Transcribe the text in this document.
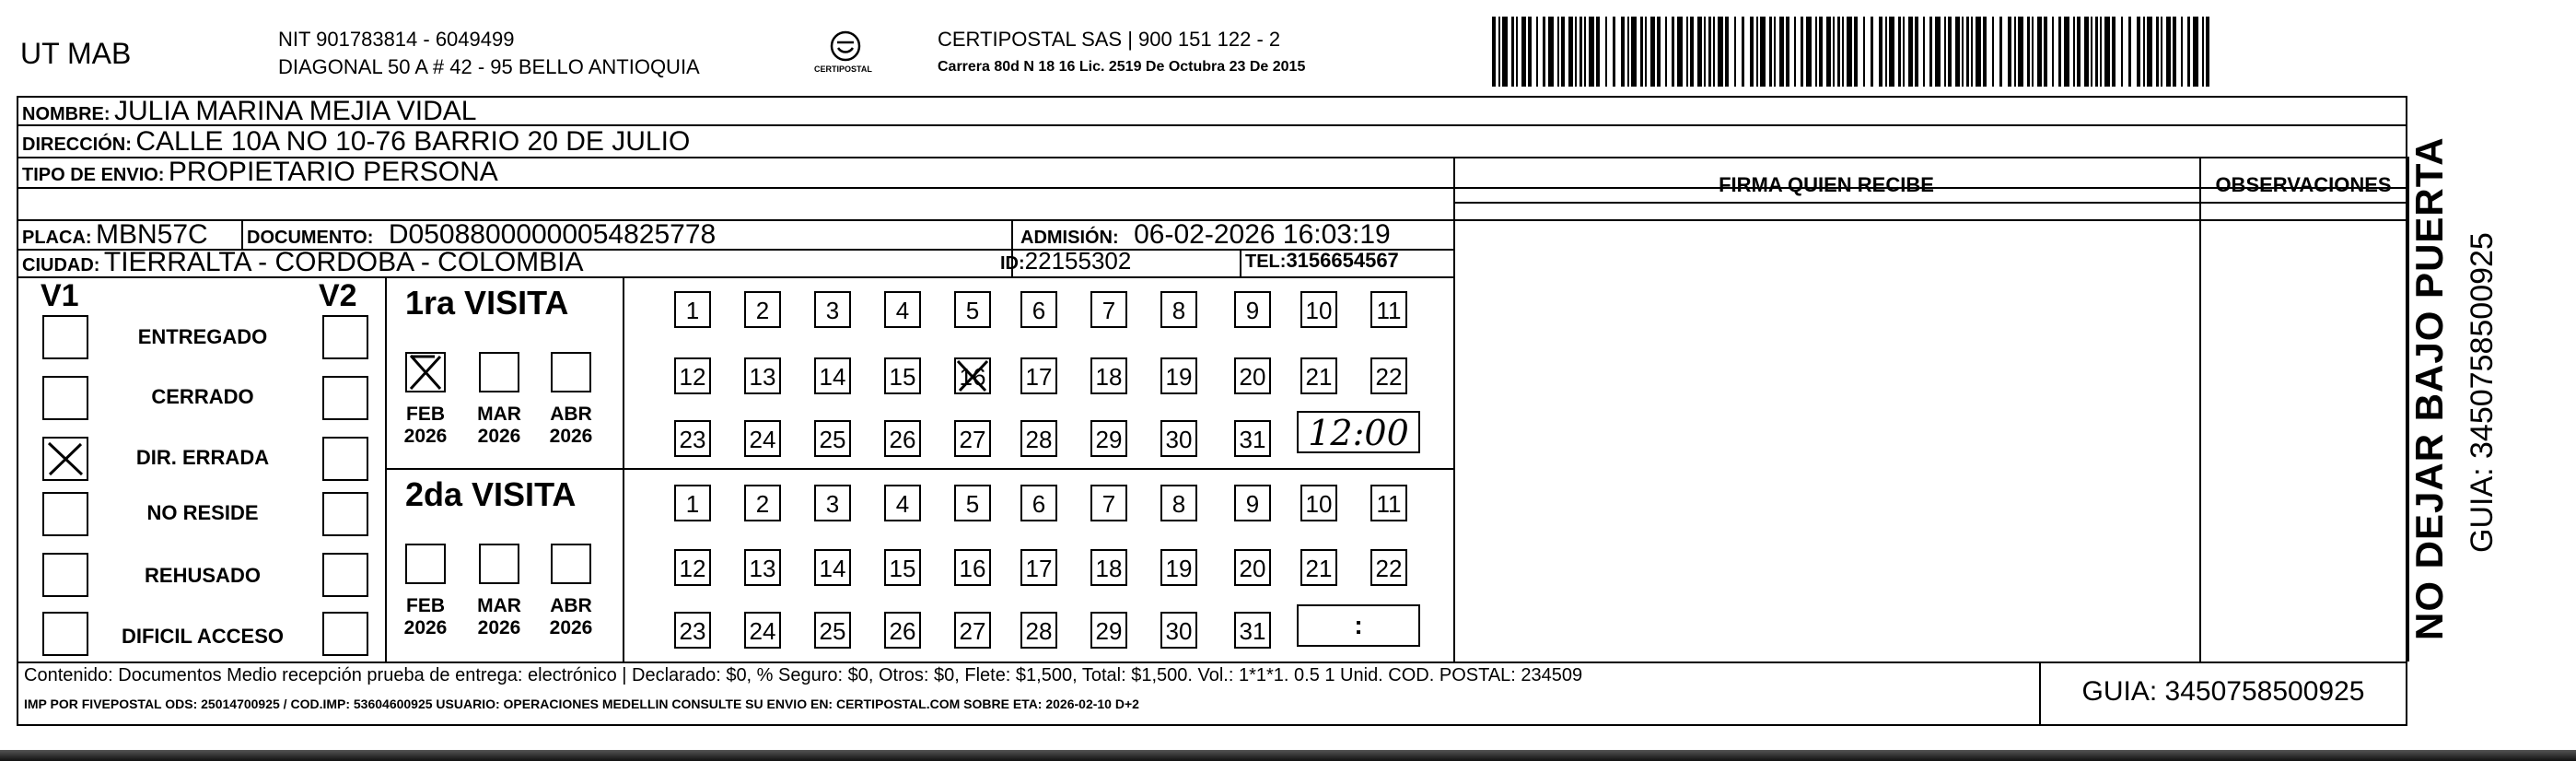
UT MAB	NIT 901783814 - 6049499
DIAGONAL 50 A # 42 - 95 BELLO ANTIOQUIA	CERTIPOSTAL
CERTIPOSTAL SAS | 900 151 122 - 2
Carrera 80d N 18 16 Lic. 2519 De Octubra 23 De 2015
NOMBRE: JULIA MARINA MEJIA VIDAL
DIRECCIÓN: CALLE 10A NO 10-76 BARRIO 20 DE JULIO
TIPO DE ENVIO: PROPIETARIO PERSONA	FIRMA QUIEN RECIBE	OBSERVACIONES
PLACA: MBN57C DOCUMENTO: D05088000000054825778	ADMISIÓN: 06-02-2026 16:03:19
CIUDAD: TIERRALTA - CORDOBA - COLOMBIA	ID:22155302	TEL:3156654567
V1	V2
ENTREGADO
CERRADO
DIR. ERRADA
NO RESIDE
REHUSADO
DIFICIL ACCESO
1ra VISITA
2da VISITA
FEB
2026
MAR
2026
ABR
2026
FEB
2026
MAR
2026
ABR
2026
1	2	3	4	5	6	7	8	9	10 11
12 13 14 15 16 17 18 19 20 21 22
23 24 25 26 27 28 29 30 31
1	2	3	4	5	6	7	8	9	10 11
12 13 14 15 16 17 18 19 20 21 22
23 24 25 26 27 28 29 30 31
12:00
:
Contenido: Documentos Medio recepción prueba de entrega: electrónico | Declarado: $0, % Seguro: $0, Otros: $0, Flete: $1,500, Total: $1,500. Vol.: 1*1*1. 0.5 1 Unid. COD. POSTAL: 234509
IMP POR FIVEPOSTAL ODS: 25014700925 / COD.IMP: 53604600925 USUARIO: OPERACIONES MEDELLIN CONSULTE SU ENVIO EN: CERTIPOSTAL.COM SOBRE ETA: 2026-02-10 D+2	GUIA: 3450758500925
NO DEJAR BAJO PUERTA GUIA: 3450758500925
